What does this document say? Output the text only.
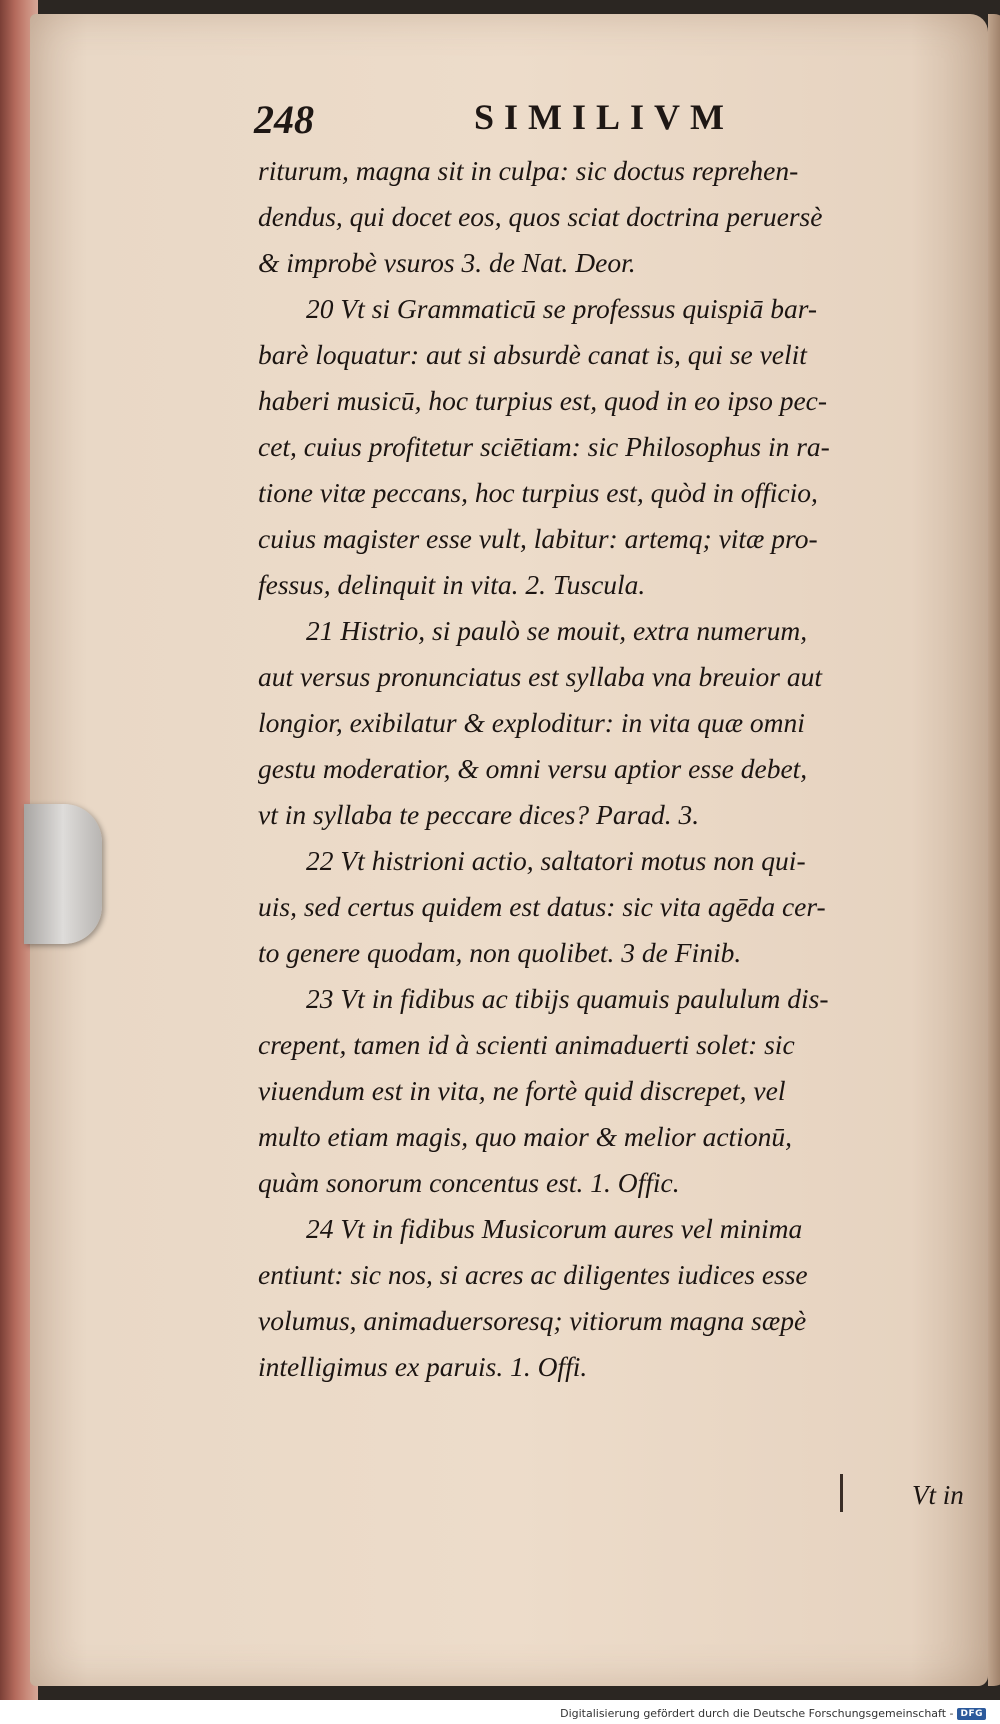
248	SIMILIVM
riturum, magna sit in culpa: sic doctus reprehen-
dendus, qui docet eos, quos sciat doctrina peruersè
& improbè vsuros 3. de Nat. Deor.
20 Vt si Grammaticū se professus quispiā bar-
barè loquatur: aut si absurdè canat is, qui se velit
haberi musicū, hoc turpius est, quod in eo ipso pec-
cet, cuius profitetur sciētiam: sic Philosophus in ra-
tione vitæ peccans, hoc turpius est, quòd in officio,
cuius magister esse vult, labitur: artemq; vitæ pro-
fessus, delinquit in vita. 2. Tuscula.
21 Histrio, si paulò se mouit, extra numerum,
aut versus pronunciatus est syllaba vna breuior aut
longior, exibilatur & exploditur: in vita quæ omni
gestu moderatior, & omni versu aptior esse debet,
vt in syllaba te peccare dices? Parad. 3.
22 Vt histrioni actio, saltatori motus non qui-
uis, sed certus quidem est datus: sic vita agēda cer-
to genere quodam, non quolibet. 3 de Finib.
23 Vt in fidibus ac tibijs quamuis paululum dis-
crepent, tamen id à scienti animaduerti solet: sic
viuendum est in vita, ne fortè quid discrepet, vel
multo etiam magis, quo maior & melior actionū,
quàm sonorum concentus est. 1. Offic.
24 Vt in fidibus Musicorum aures vel minima
entiunt: sic nos, si acres ac diligentes iudices esse
volumus, animaduersoresq; vitiorum magna sæpè
intelligimus ex paruis. 1. Offi.
Vt in
Digitalisierung gefördert durch die Deutsche Forschungsgemeinschaft - DFG
